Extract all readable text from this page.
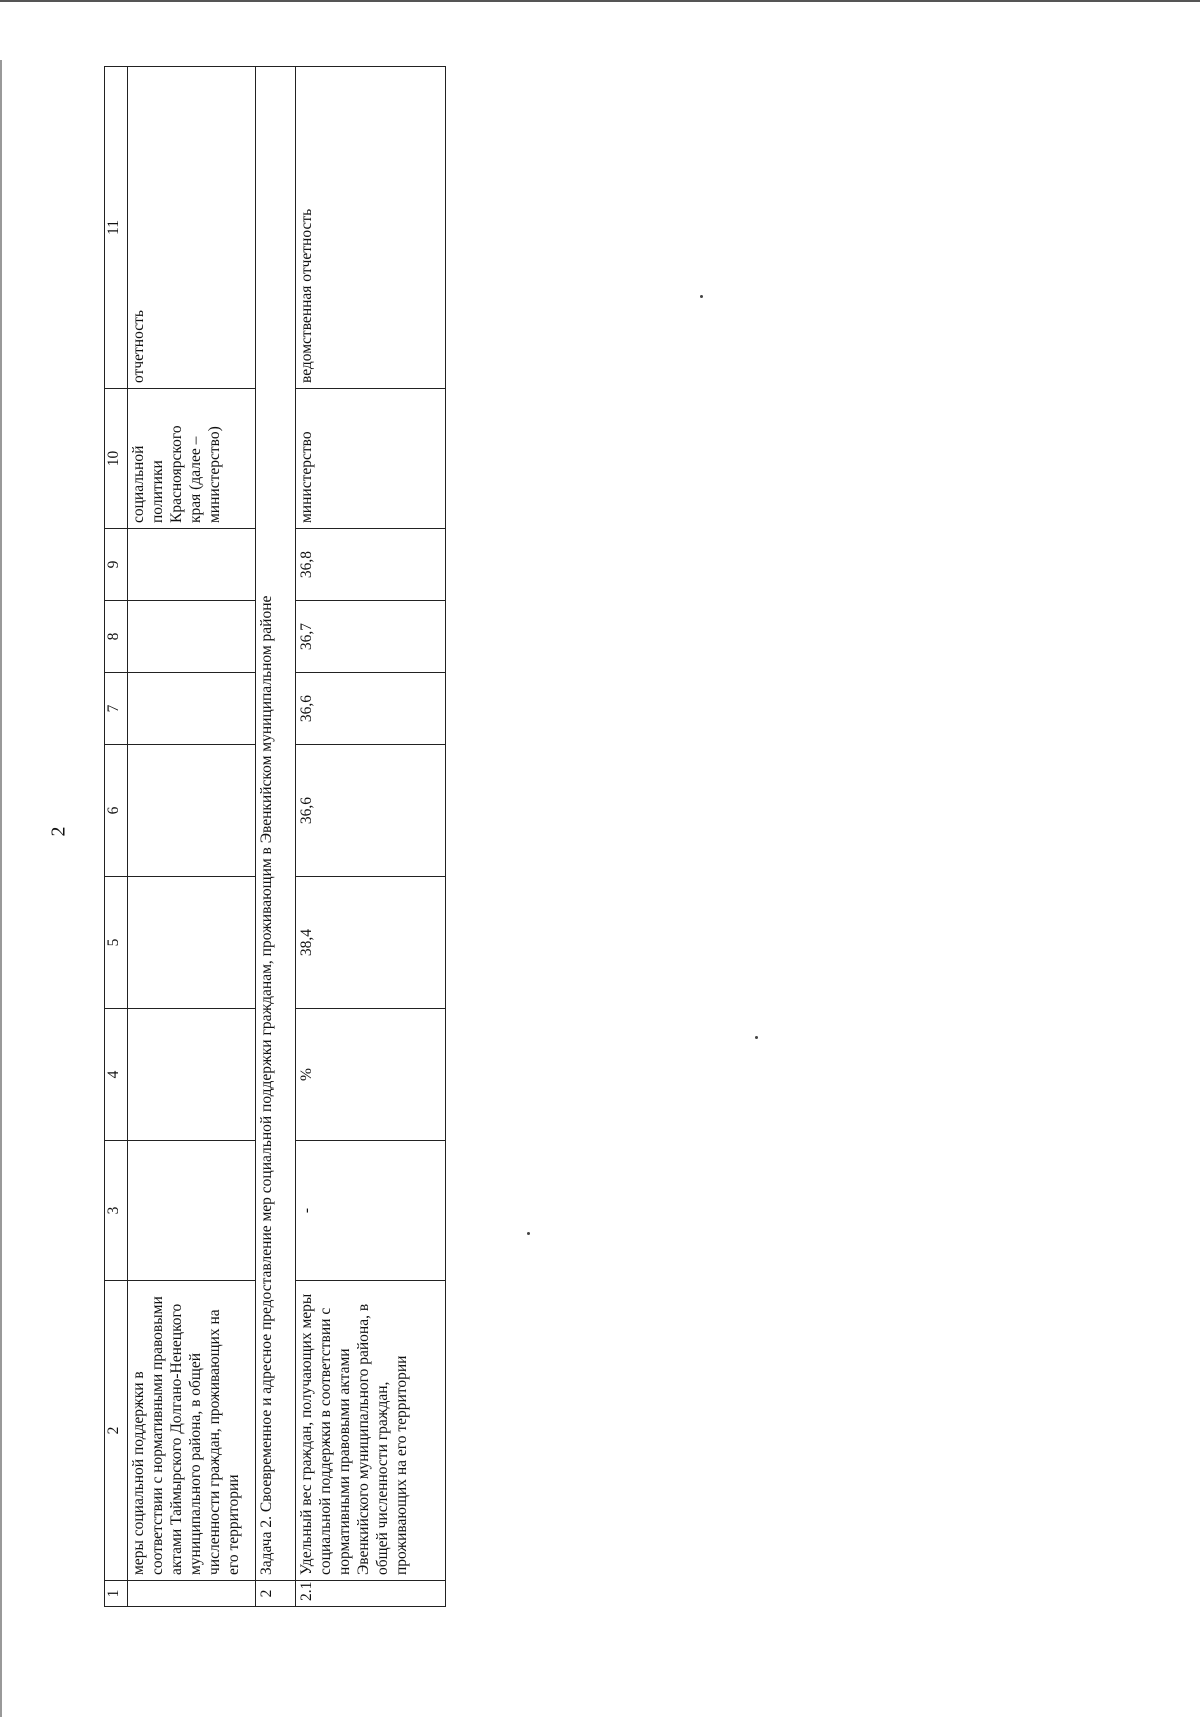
2
1	2	3	4	5	6	7	8	9	10	11
	меры социальной поддержки в соответствии с нормативными правовыми актами Таймырского Долгано-Ненецкого муниципального района, в общей численности граждан, проживающих на его территории								социальной политики Красноярского края (далее – министерство)	отчетность
2	Задача 2. Своевременное и адресное предоставление мер социальной поддержки гражданам, проживающим в Эвенкийском муниципальном районе									
2.1	Удельный вес граждан, получающих меры социальной поддержки в соответствии с нормативными правовыми актами Эвенкийского муниципального района, в общей численности граждан, проживающих на его территории	-	%	38,4	36,6	36,6	36,7	36,8	министерство	ведомственная отчетность
